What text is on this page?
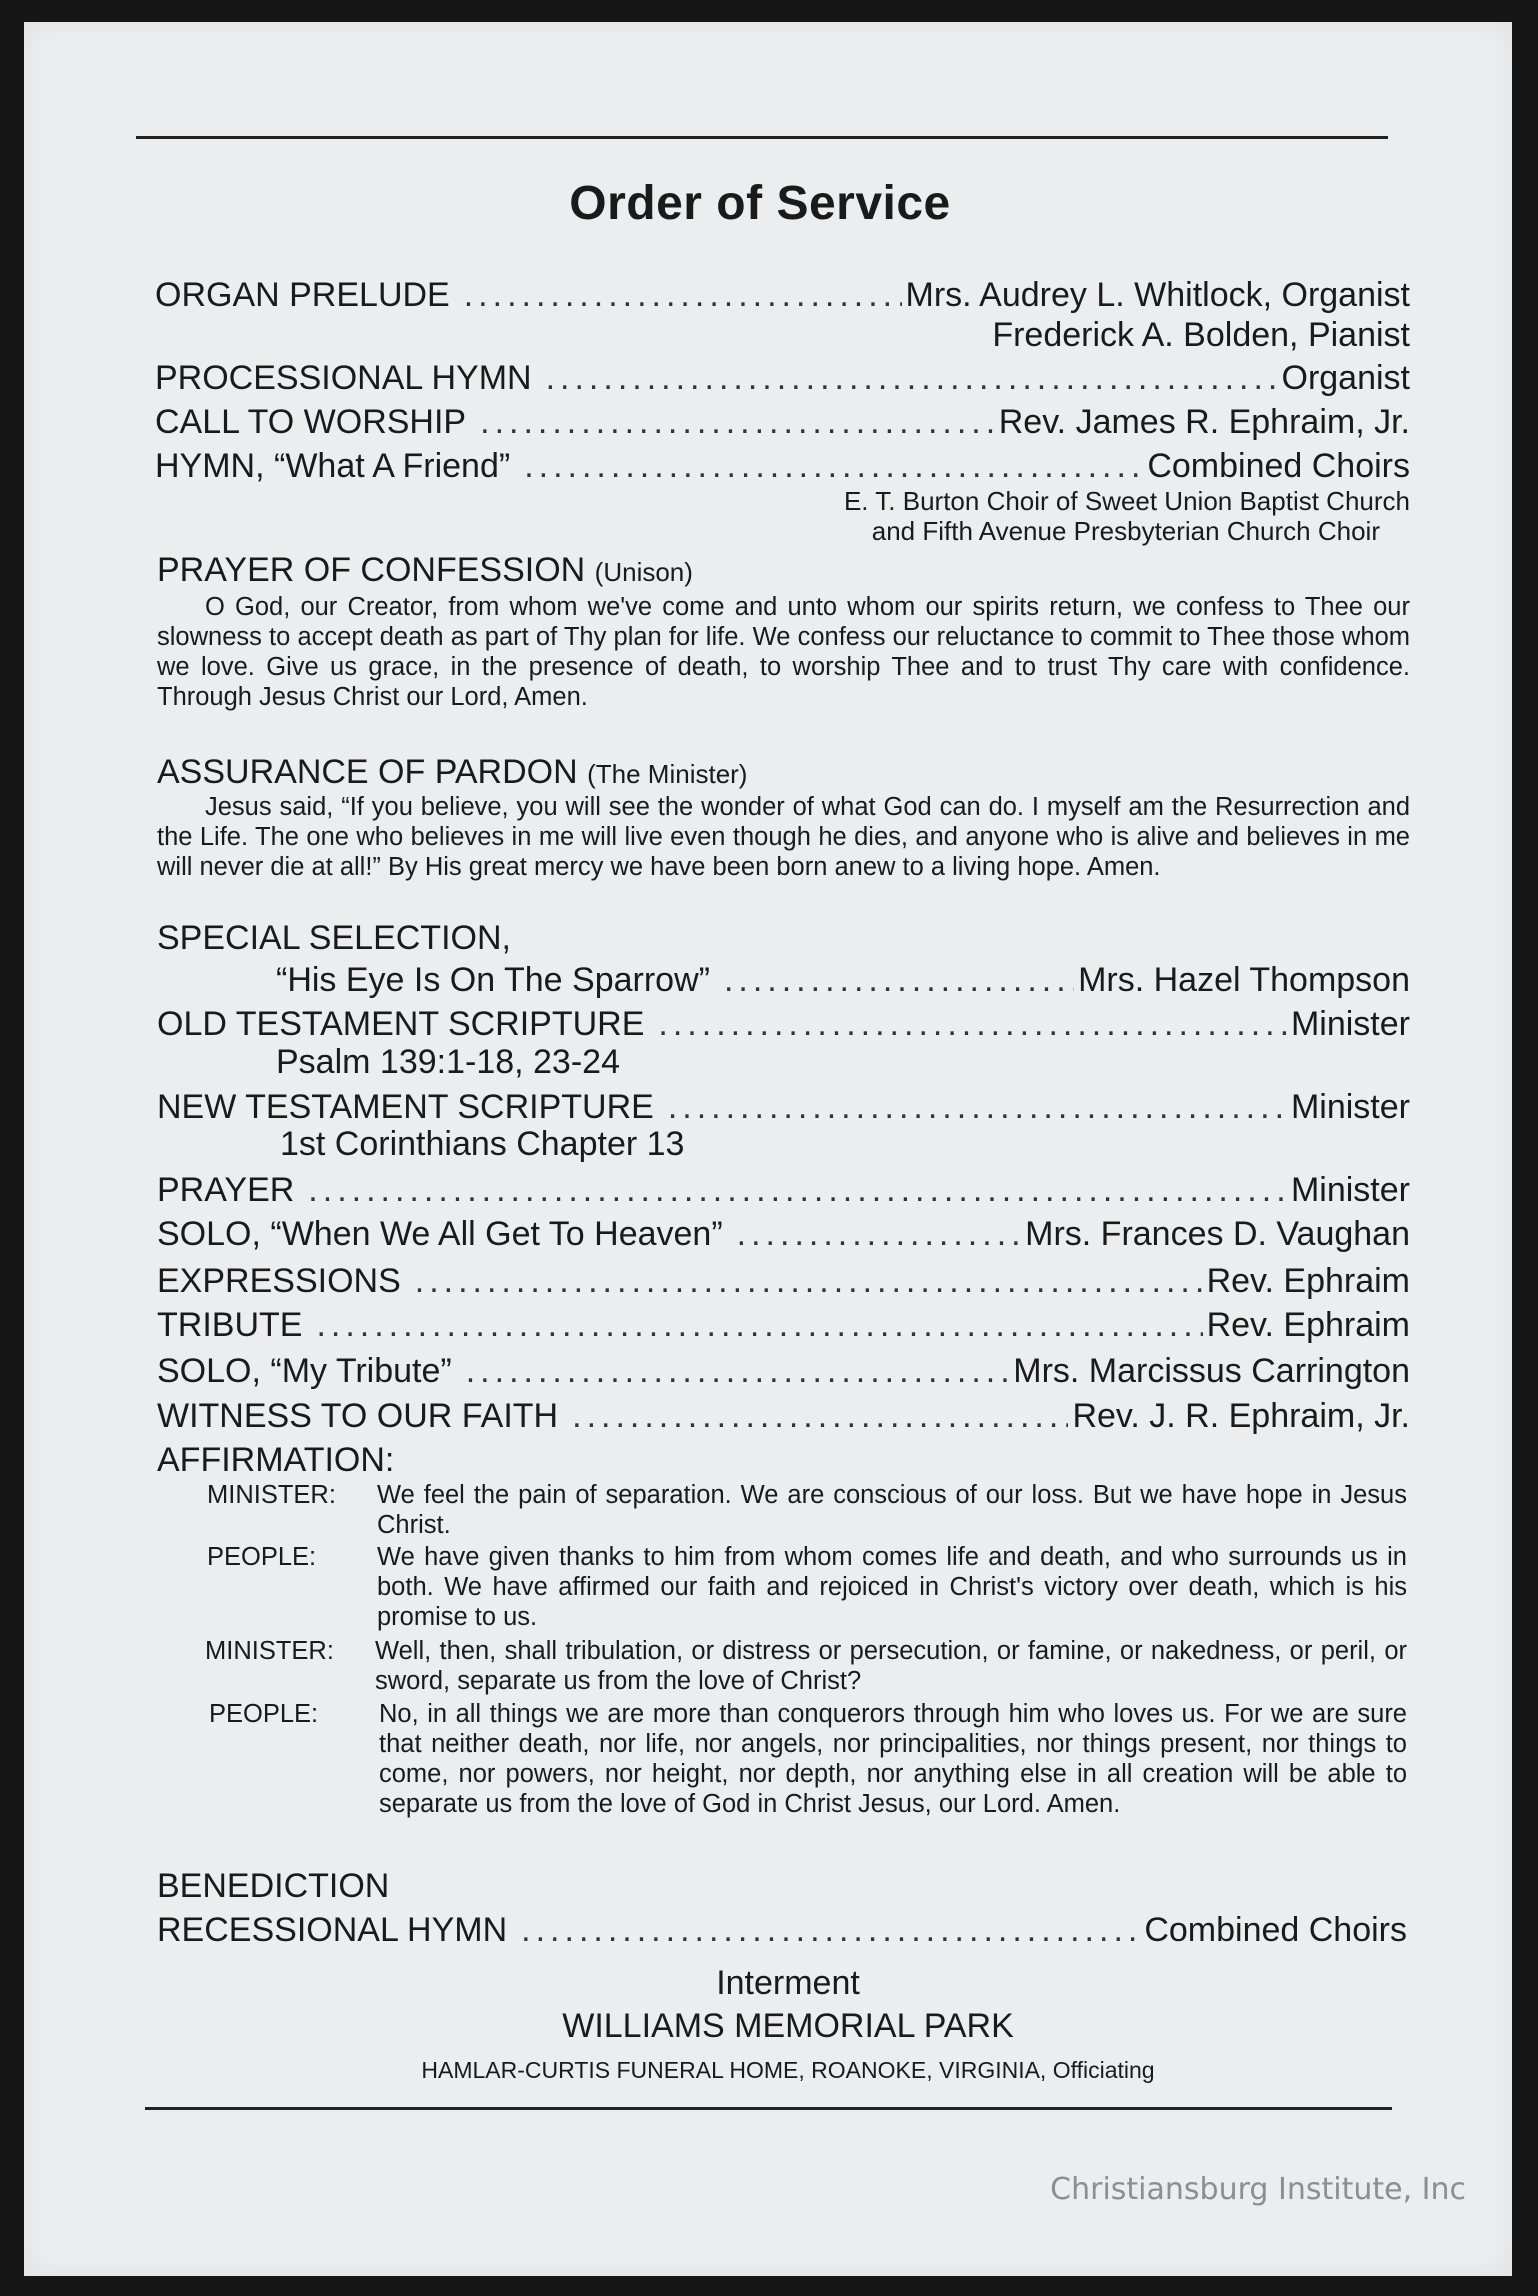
Order of Service
ORGAN PRELUDE .....	Mrs. Audrey L. Whitlock, Organist
Frederick A. Bolden, Pianist
PROCESSIONAL HYMN .....	Organist
CALL TO WORSHIP .....	Rev. James R. Ephraim, Jr.
HYMN, “What A Friend” .....	Combined Choirs
E. T. Burton Choir of Sweet Union Baptist Church
and Fifth Avenue Presbyterian Church Choir
PRAYER OF CONFESSION (Unison)
O God, our Creator, from whom we've come and unto whom our spirits return, we confess to Thee our slowness to accept death as part of Thy plan for life. We confess our reluctance to commit to Thee those whom we love. Give us grace, in the presence of death, to worship Thee and to trust Thy care with confidence. Through Jesus Christ our Lord, Amen.
ASSURANCE OF PARDON (The Minister)
Jesus said, “If you believe, you will see the wonder of what God can do. I myself am the Resurrection and the Life. The one who believes in me will live even though he dies, and anyone who is alive and believes in me will never die at all!” By His great mercy we have been born anew to a living hope. Amen.
SPECIAL SELECTION,
“His Eye Is On The Sparrow” .....	Mrs. Hazel Thompson
OLD TESTAMENT SCRIPTURE .....	Minister
Psalm 139:1-18, 23-24
NEW TESTAMENT SCRIPTURE .....	Minister
1st Corinthians Chapter 13
PRAYER .....	Minister
SOLO, “When We All Get To Heaven” .....	Mrs. Frances D. Vaughan
EXPRESSIONS .....	Rev. Ephraim
TRIBUTE .....	Rev. Ephraim
SOLO, “My Tribute” .....	Mrs. Marcissus Carrington
WITNESS TO OUR FAITH .....	Rev. J. R. Ephraim, Jr.
AFFIRMATION:
MINISTER:	We feel the pain of separation. We are conscious of our loss. But we have hope in Jesus Christ.
PEOPLE:	We have given thanks to him from whom comes life and death, and who surrounds us in both. We have affirmed our faith and rejoiced in Christ's victory over death, which is his promise to us.
MINISTER:	Well, then, shall tribulation, or distress or persecution, or famine, or nakedness, or peril, or sword, separate us from the love of Christ?
PEOPLE:	No, in all things we are more than conquerors through him who loves us. For we are sure that neither death, nor life, nor angels, nor principalities, nor things present, nor things to come, nor powers, nor height, nor depth, nor anything else in all creation will be able to separate us from the love of God in Christ Jesus, our Lord. Amen.
BENEDICTION
RECESSIONAL HYMN .....	Combined Choirs
Interment
WILLIAMS MEMORIAL PARK
HAMLAR-CURTIS FUNERAL HOME, ROANOKE, VIRGINIA, Officiating
Christiansburg Institute, Inc
